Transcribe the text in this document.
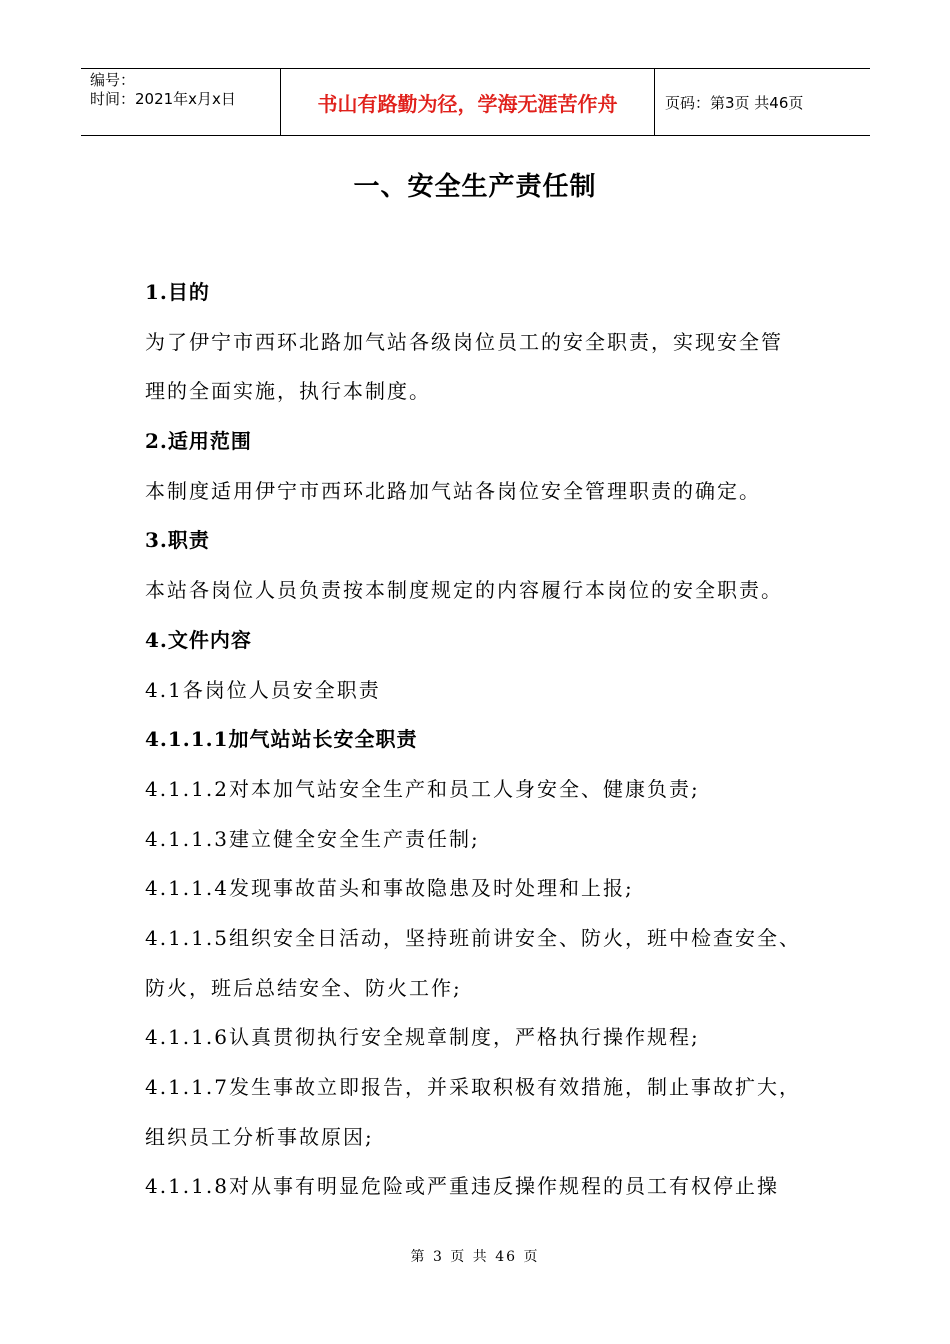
编号：
时间：2021年x月x日	书山有路勤为径，学海无涯苦作舟	页码：第3页 共46页
一、安全生产责任制
1.目的
为了伊宁市西环北路加气站各级岗位员工的安全职责，实现安全管
理的全面实施，执行本制度。
2.适用范围
本制度适用伊宁市西环北路加气站各岗位安全管理职责的确定。
3.职责
本站各岗位人员负责按本制度规定的内容履行本岗位的安全职责。
4.文件内容
4.1各岗位人员安全职责
4.1.1.1加气站站长安全职责
4.1.1.2对本加气站安全生产和员工人身安全、健康负责;
4.1.1.3建立健全安全生产责任制;
4.1.1.4发现事故苗头和事故隐患及时处理和上报;
4.1.1.5组织安全日活动，坚持班前讲安全、防火，班中检查安全、
防火，班后总结安全、防火工作;
4.1.1.6认真贯彻执行安全规章制度，严格执行操作规程;
4.1.1.7发生事故立即报告，并采取积极有效措施，制止事故扩大，
组织员工分析事故原因;
4.1.1.8对从事有明显危险或严重违反操作规程的员工有权停止操
第 3 页 共 46 页
